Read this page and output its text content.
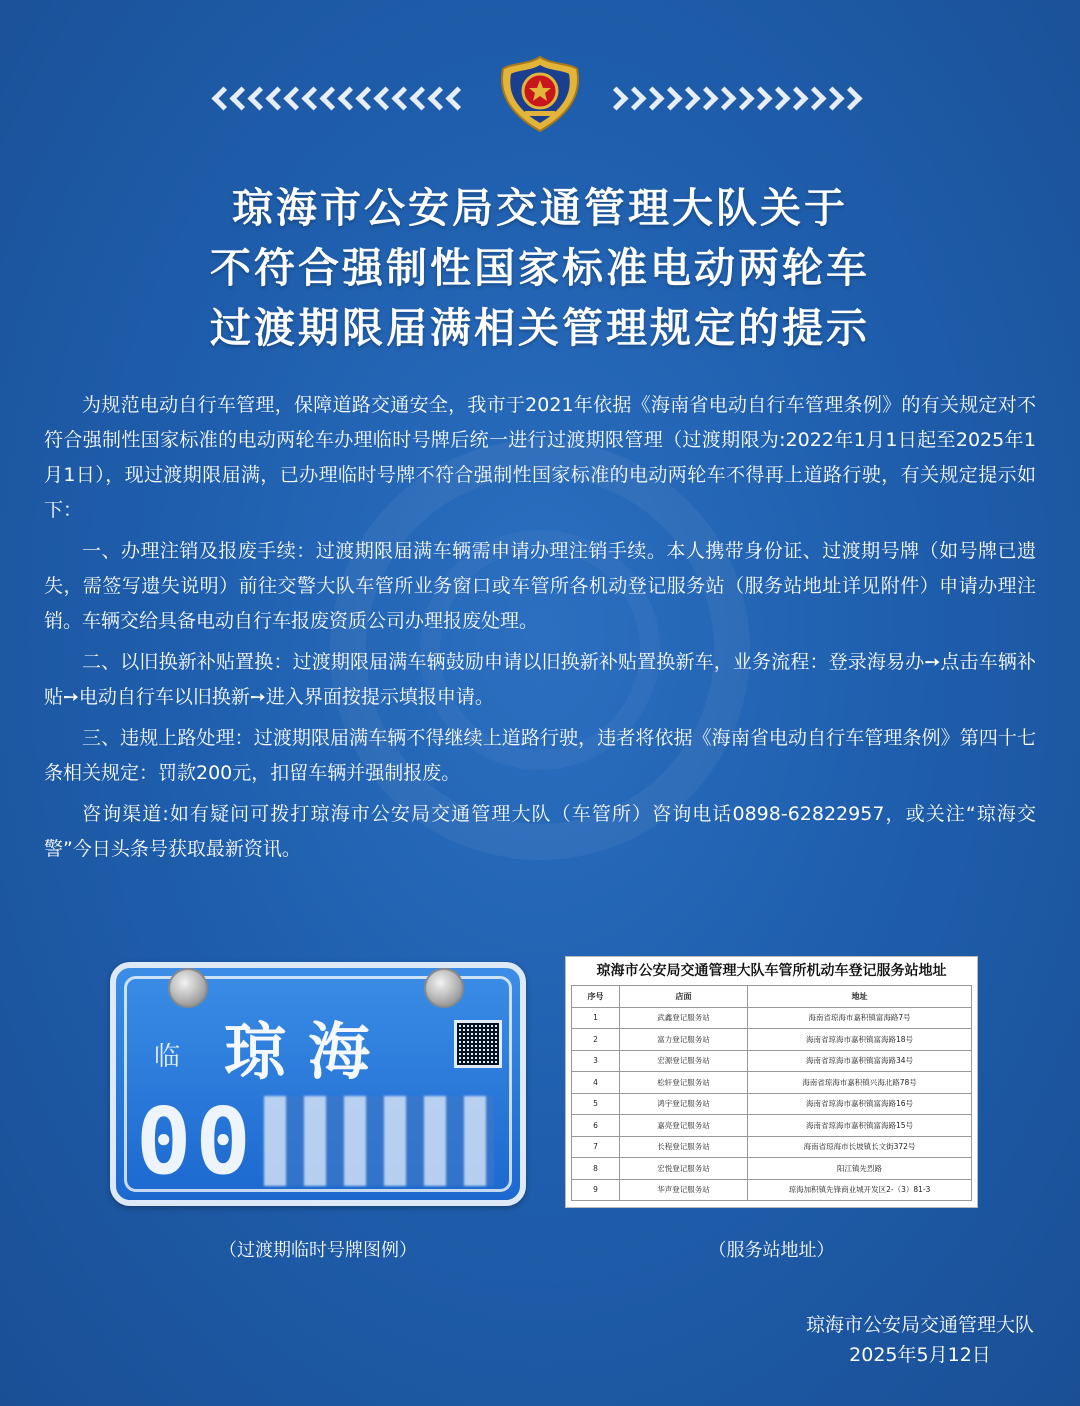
琼海市公安局交通管理大队关于
不符合强制性国家标准电动两轮车
过渡期限届满相关管理规定的提示

为规范电动自行车管理，保障道路交通安全，我市于2021年依据《海南省电动自行车管理条例》的有关规定对不符合强制性国家标准的电动两轮车办理临时号牌后统一进行过渡期限管理（过渡期限为:2022年1月1日起至2025年1月1日），现过渡期限届满，已办理临时号牌不符合强制性国家标准的电动两轮车不得再上道路行驶，有关规定提示如下：

一、办理注销及报废手续：过渡期限届满车辆需申请办理注销手续。本人携带身份证、过渡期号牌（如号牌已遗失，需签写遗失说明）前往交警大队车管所业务窗口或车管所各机动登记服务站（服务站地址详见附件）申请办理注销。车辆交给具备电动自行车报废资质公司办理报废处理。

二、以旧换新补贴置换：过渡期限届满车辆鼓励申请以旧换新补贴置换新车，业务流程：登录海易办➙点击车辆补贴➙电动自行车以旧换新➙进入界面按提示填报申请。

三、违规上路处理：过渡期限届满车辆不得继续上道路行驶，违者将依据《海南省电动自行车管理条例》第四十七条相关规定：罚款200元，扣留车辆并强制报废。

咨询渠道:如有疑问可拨打琼海市公安局交通管理大队（车管所）咨询电话0898-62822957，或关注“琼海交警”今日头条号获取最新资讯。

临 琼海
00
（过渡期临时号牌图例）
琼海市公安局交通管理大队车管所机动车登记服务站地址
序号	店面	地址
1	武鑫登记服务站	海南省琼海市嘉积镇富海路7号
2	富力登记服务站	海南省琼海市嘉积镇富海路18号
3	宏源登记服务站	海南省琼海市嘉积镇富海路34号
4	松轩登记服务站	海南省琼海市嘉积镇兴海北路78号
5	鸿宇登记服务站	海南省琼海市嘉积镇富海路16号
6	嘉亮登记服务站	海南省琼海市嘉积镇富海路15号
7	长程登记服务站	海南省琼海市长坡镇长文街372号
8	宏悦登记服务站	阳江镇先烈路
9	华声登记服务站	琼海加积镇先锋商业城开发区2-（3）81-3
（服务站地址）
琼海市公安局交通管理大队
2025年5月12日
